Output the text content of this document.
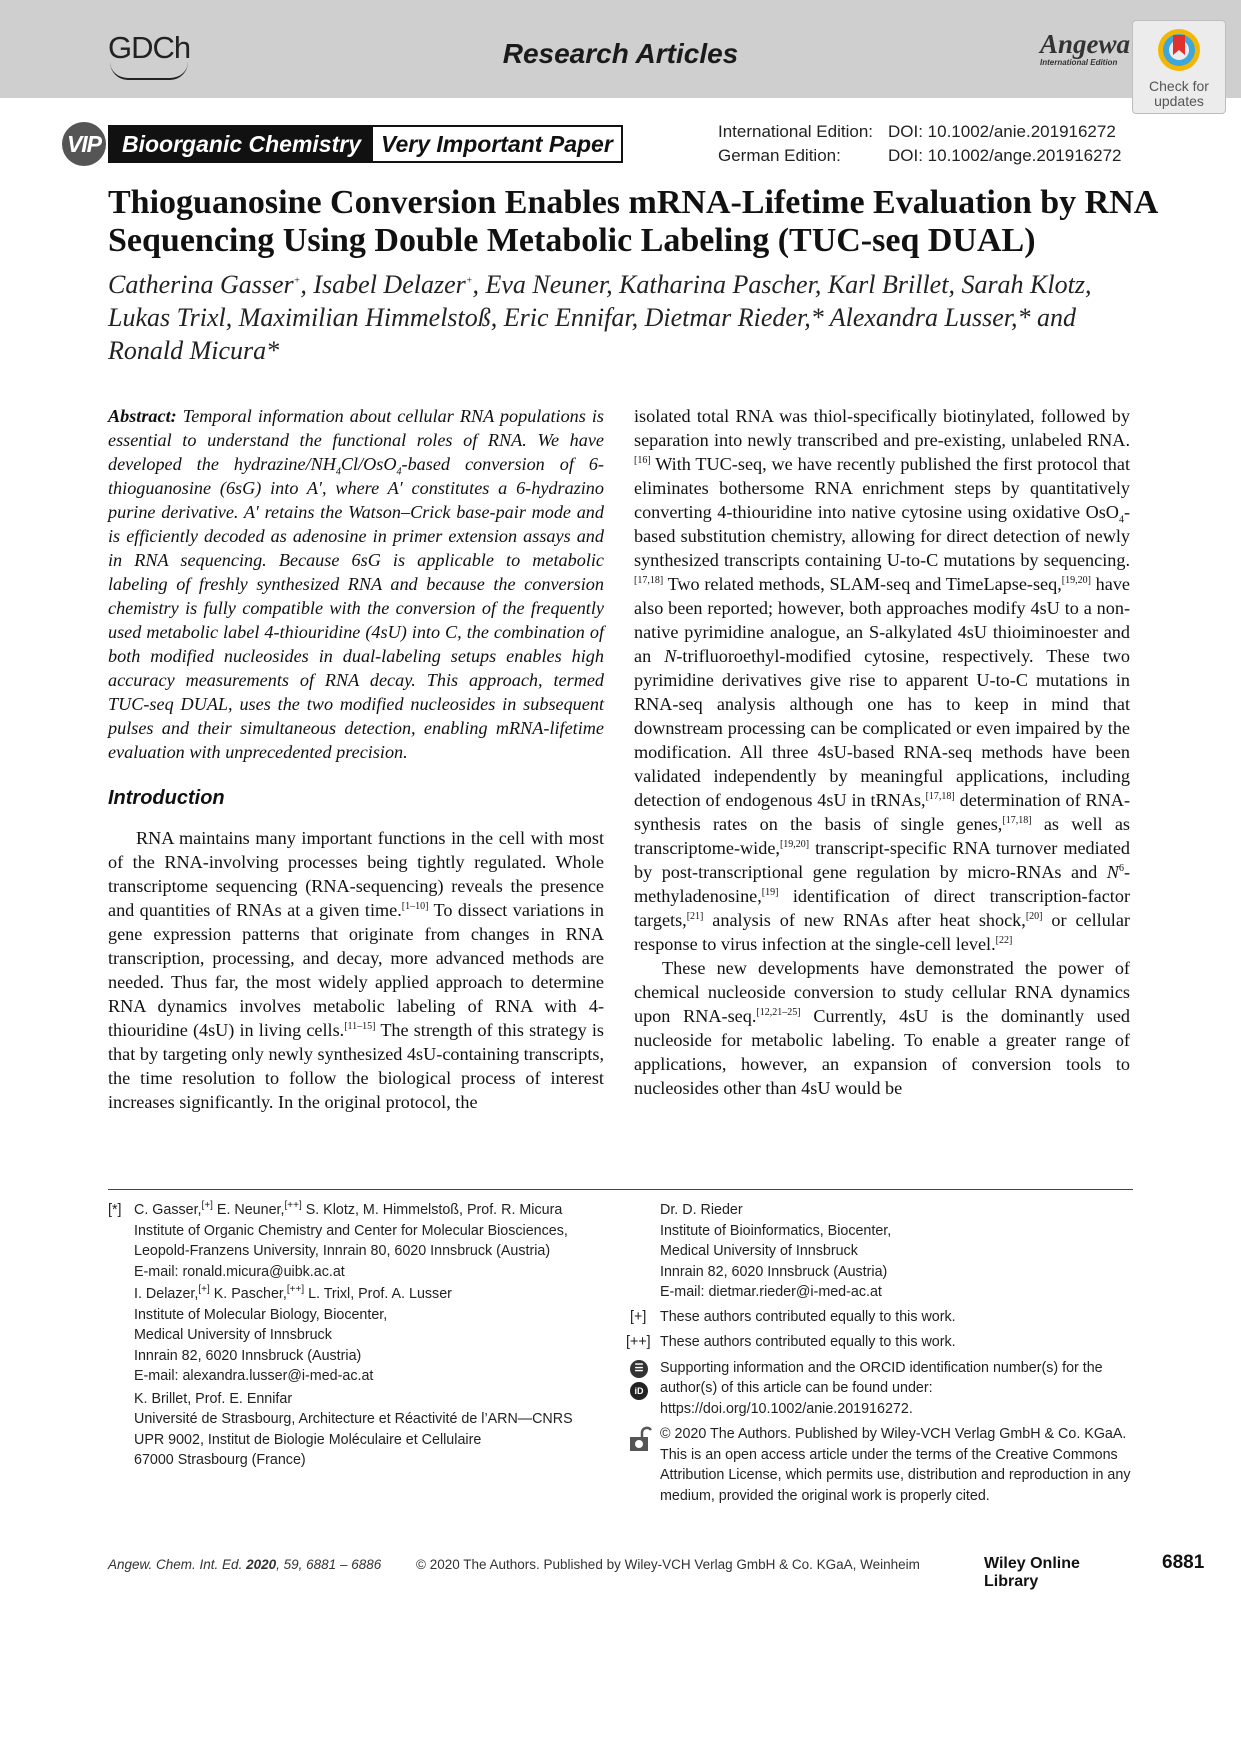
GDCh	Research Articles	Angewa
International Edition
Check for
updates
VIP Bioorganic Chemistry Very Important Paper	International Edition: DOI: 10.1002/anie.201916272
German Edition:	DOI: 10.1002/ange.201916272
Thioguanosine Conversion Enables mRNA-Lifetime Evaluation by RNA Sequencing Using Double Metabolic Labeling (TUC-seq DUAL)
Catherina Gasser+, Isabel Delazer+, Eva Neuner, Katharina Pascher, Karl Brillet, Sarah Klotz, Lukas Trixl, Maximilian Himmelstoß, Eric Ennifar, Dietmar Rieder,* Alexandra Lusser,* and Ronald Micura*

Abstract: Temporal information about cellular RNA populations is essential to understand the functional roles of RNA. We have developed the hydrazine/$NH_4Cl/OsO_4$-based conversion of 6-thioguanosine (6sG) into A′, where A′ constitutes a 6-hydrazino purine derivative. A′ retains the Watson–Crick base-pair mode and is efficiently decoded as adenosine in primer extension assays and in RNA sequencing. Because 6sG is applicable to metabolic labeling of freshly synthesized RNA and because the conversion chemistry is fully compatible with the conversion of the frequently used metabolic label 4-thiouridine (4sU) into C, the combination of both modified nucleosides in dual-labeling setups enables high accuracy measurements of RNA decay. This approach, termed TUC-seq DUAL, uses the two modified nucleosides in subsequent pulses and their simultaneous detection, enabling mRNA-lifetime evaluation with unprecedented precision.

Introduction

RNA maintains many important functions in the cell with most of the RNA-involving processes being tightly regulated. Whole transcriptome sequencing (RNA-sequencing) reveals the presence and quantities of RNAs at a given time.[1–10] To dissect variations in gene expression patterns that originate from changes in RNA transcription, processing, and decay, more advanced methods are needed. Thus far, the most widely applied approach to determine RNA dynamics involves metabolic labeling of RNA with 4-thiouridine (4sU) in living cells.[11–15] The strength of this strategy is that by targeting only newly synthesized 4sU-containing transcripts, the time resolution to follow the biological process of interest increases significantly. In the original protocol, the

isolated total RNA was thiol-specifically biotinylated, followed by separation into newly transcribed and pre-existing, unlabeled RNA.[16] With TUC-seq, we have recently published the first protocol that eliminates bothersome RNA enrichment steps by quantitatively converting 4-thiouridine into native cytosine using oxidative OsO$_4$-based substitution chemistry, allowing for direct detection of newly synthesized transcripts containing U-to-C mutations by sequencing.[17,18] Two related methods, SLAM-seq and TimeLapse-seq,[19,20] have also been reported; however, both approaches modify 4sU to a non-native pyrimidine analogue, an S-alkylated 4sU thioiminoester and an N-trifluoroethyl-modified cytosine, respectively. These two pyrimidine derivatives give rise to apparent U-to-C mutations in RNA-seq analysis although one has to keep in mind that downstream processing can be complicated or even impaired by the modification. All three 4sU-based RNA-seq methods have been validated independently by meaningful applications, including detection of endogenous 4sU in tRNAs,[17,18] determination of RNA-synthesis rates on the basis of single genes,[17,18] as well as transcriptome-wide,[19,20] transcript-specific RNA turnover mediated by post-transcriptional gene regulation by micro-RNAs and $N^6-methyladenosine,[19]$ identification of direct transcription-factor targets,[21] analysis of new RNAs after heat shock,[20] or cellular response to virus infection at the single-cell level.[22]

These new developments have demonstrated the power of chemical nucleoside conversion to study cellular RNA dynamics upon RNA-seq.[12,21–25] Currently, 4sU is the dominantly used nucleoside for metabolic labeling. To enable a greater range of applications, however, an expansion of conversion tools to nucleosides other than 4sU would be

[*] C. Gasser,[+] E. Neuner,[++] S. Klotz, M. Himmelstoß, Prof. R. Micura
Institute of Organic Chemistry and Center for Molecular Biosciences,
Leopold-Franzens University, Innrain 80, 6020 Innsbruck (Austria)
E-mail: ronald.micura@uibk.ac.at
I. Delazer,[+] K. Pascher,[++] L. Trixl, Prof. A. Lusser
Institute of Molecular Biology, Biocenter,
Medical University of Innsbruck
Innrain 82, 6020 Innsbruck (Austria)
E-mail: alexandra.lusser@i-med-ac.at
K. Brillet, Prof. E. Ennifar
Université de Strasbourg, Architecture et Réactivité de l’ARN—CNRS
UPR 9002, Institut de Biologie Moléculaire et Cellulaire
67000 Strasbourg (France)
Dr. D. Rieder
Institute of Bioinformatics, Biocenter,
Medical University of Innsbruck
Innrain 82, 6020 Innsbruck (Austria)
E-mail: dietmar.rieder@i-med-ac.at
[+] These authors contributed equally to this work.
[++] These authors contributed equally to this work.
☰
iD
Supporting information and the ORCID identification number(s) for the author(s) of this article can be found under: https://doi.org/10.1002/anie.201916272.
© 2020 The Authors. Published by Wiley-VCH Verlag GmbH & Co. KGaA. This is an open access article under the terms of the Creative Commons Attribution License, which permits use, distribution and reproduction in any medium, provided the original work is properly cited.
Angew. Chem. Int. Ed. 2020, 59, 6881 – 6886	© 2020 The Authors. Published by Wiley-VCH Verlag GmbH & Co. KGaA, Weinheim	Wiley Online Library
6881
